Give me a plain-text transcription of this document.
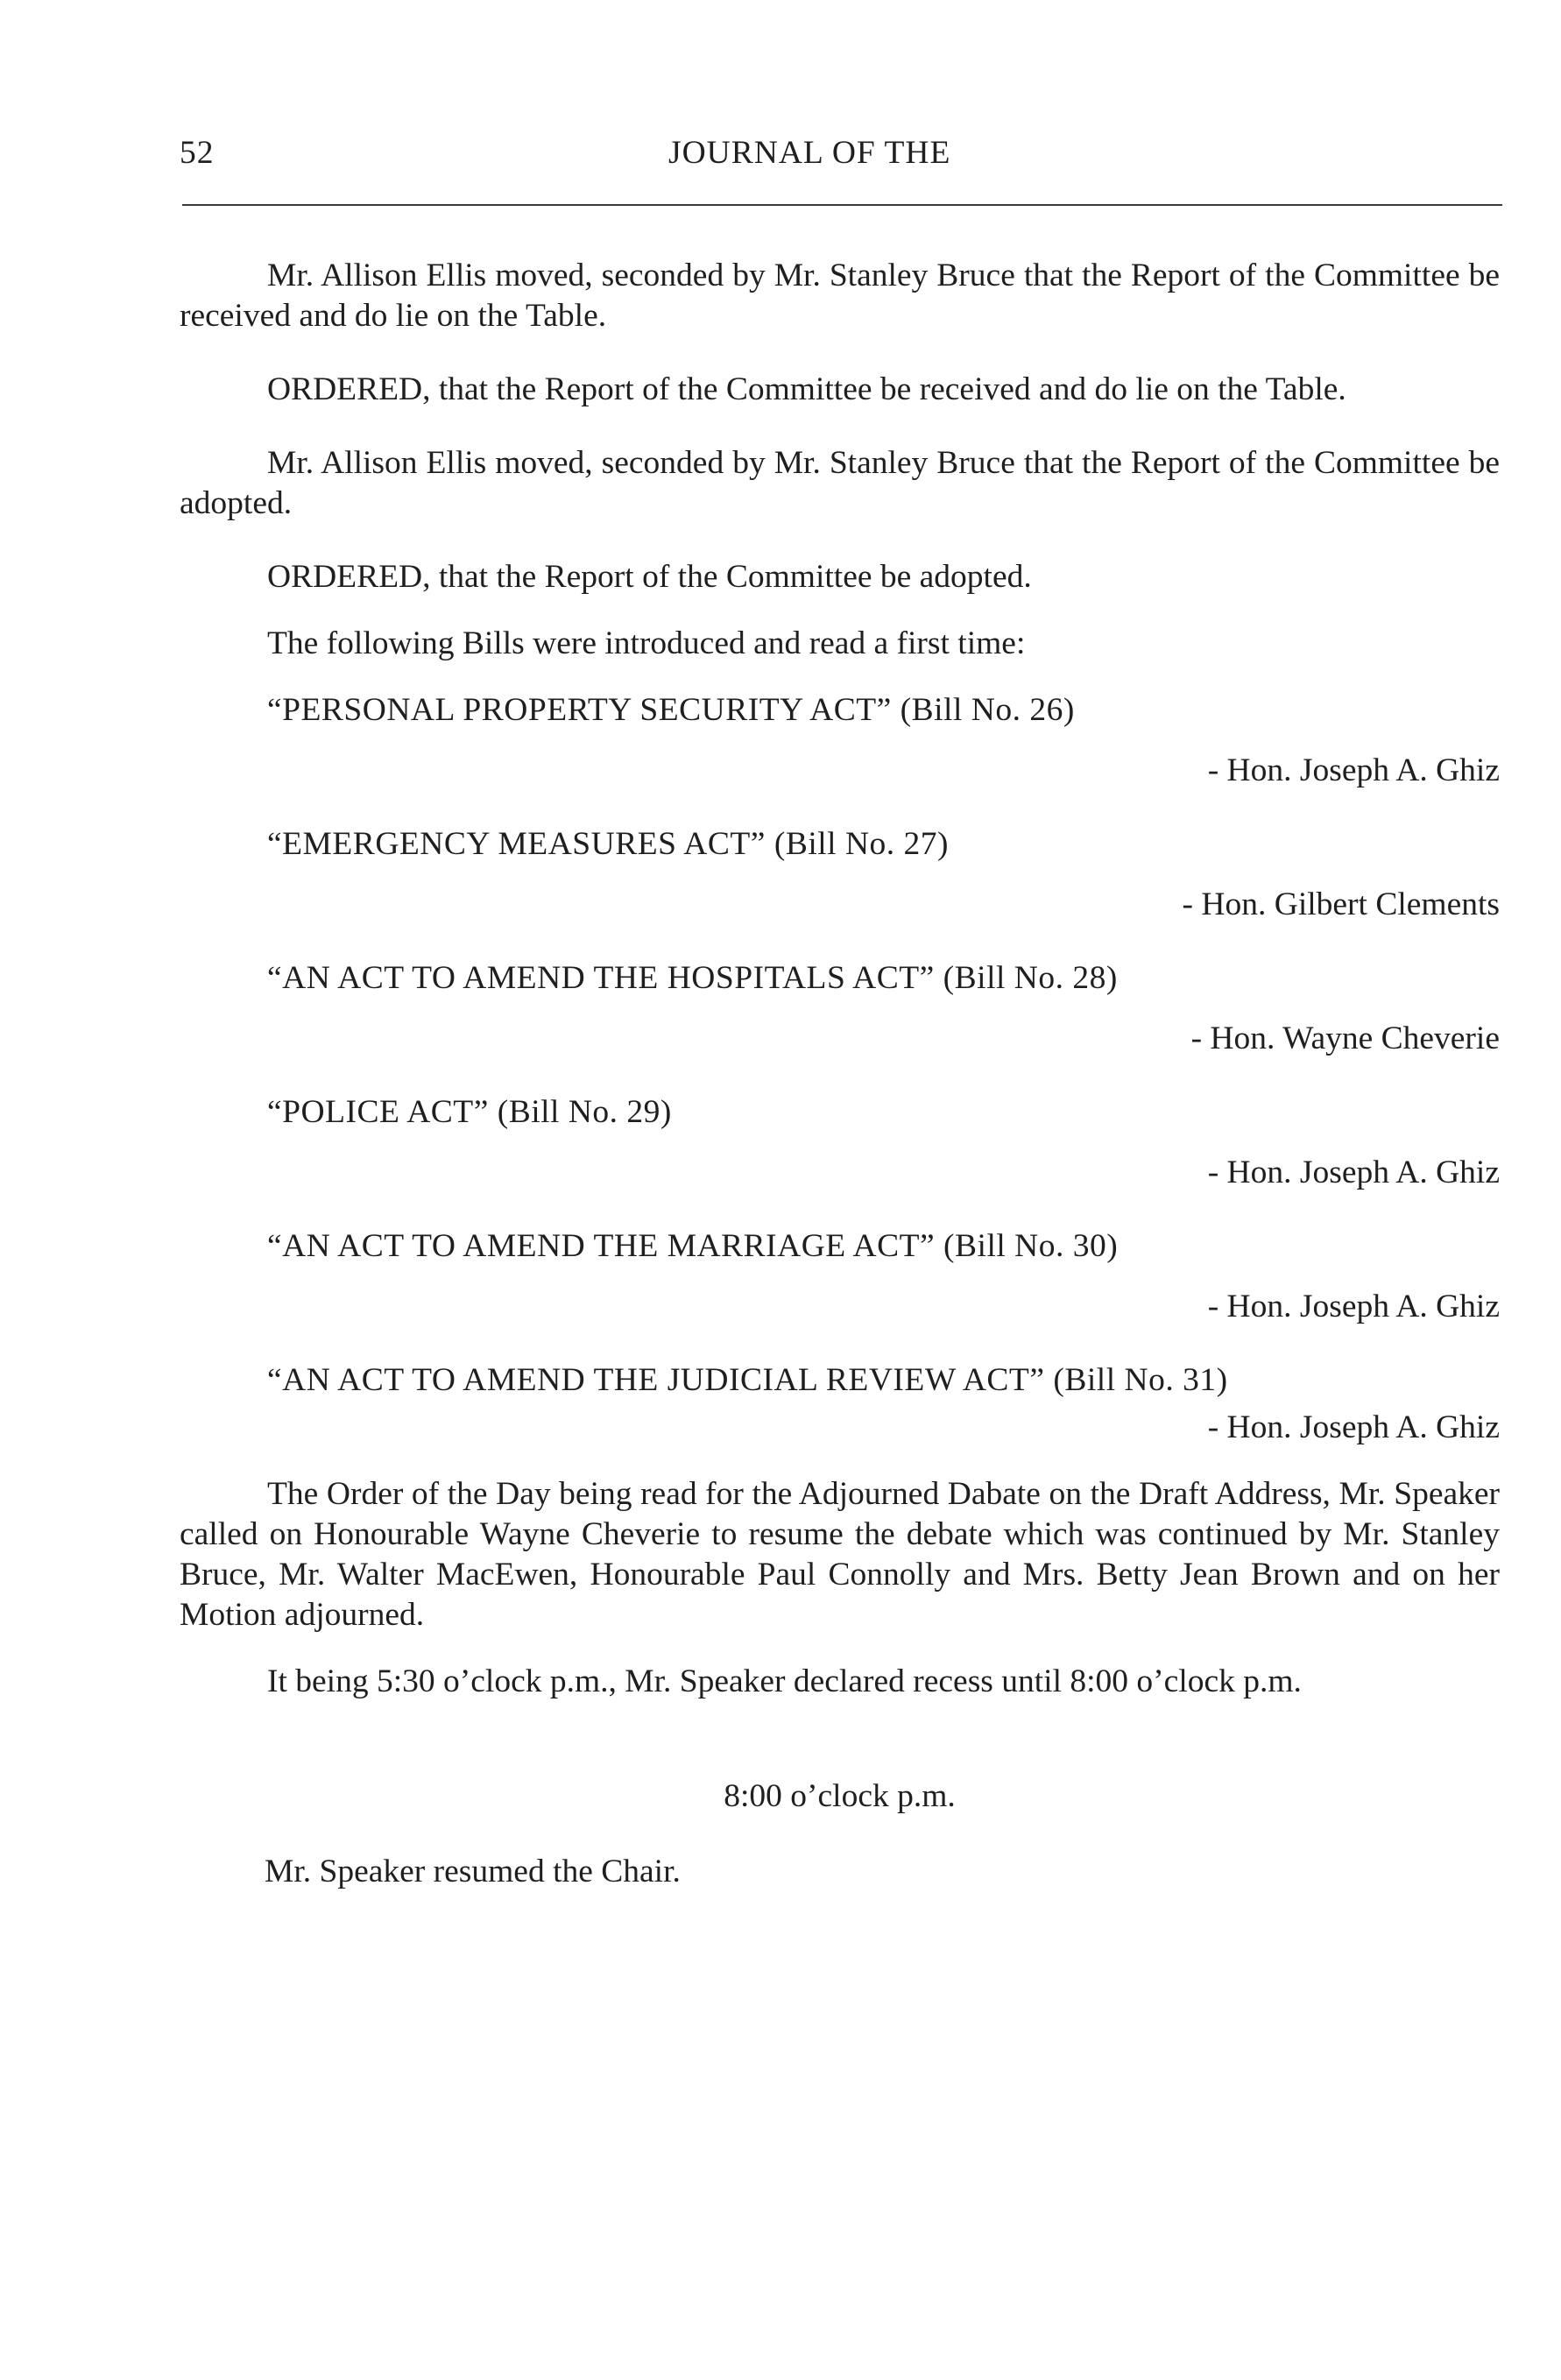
52	JOURNAL OF THE

Mr. Allison Ellis moved, seconded by Mr. Stanley Bruce that the Report of the Committee be received and do lie on the Table.

ORDERED, that the Report of the Committee be received and do lie on the Table.

Mr. Allison Ellis moved, seconded by Mr. Stanley Bruce that the Report of the Committee be adopted.

ORDERED, that the Report of the Committee be adopted.

The following Bills were introduced and read a first time:

“PERSONAL PROPERTY SECURITY ACT” (Bill No. 26)

- Hon. Joseph A. Ghiz

“EMERGENCY MEASURES ACT” (Bill No. 27)

- Hon. Gilbert Clements

“AN ACT TO AMEND THE HOSPITALS ACT” (Bill No. 28)

- Hon. Wayne Cheverie

“POLICE ACT” (Bill No. 29)

- Hon. Joseph A. Ghiz

“AN ACT TO AMEND THE MARRIAGE ACT” (Bill No. 30)

- Hon. Joseph A. Ghiz

“AN ACT TO AMEND THE JUDICIAL REVIEW ACT” (Bill No. 31)

- Hon. Joseph A. Ghiz

The Order of the Day being read for the Adjourned Dabate on the Draft Address, Mr. Speaker called on Honourable Wayne Cheverie to resume the debate which was continued by Mr. Stanley Bruce, Mr. Walter MacEwen, Honourable Paul Connolly and Mrs. Betty Jean Brown and on her Motion adjourned.

It being 5:30 o’clock p.m., Mr. Speaker declared recess until 8:00 o’clock p.m.

8:00 o’clock p.m.

Mr. Speaker resumed the Chair.
